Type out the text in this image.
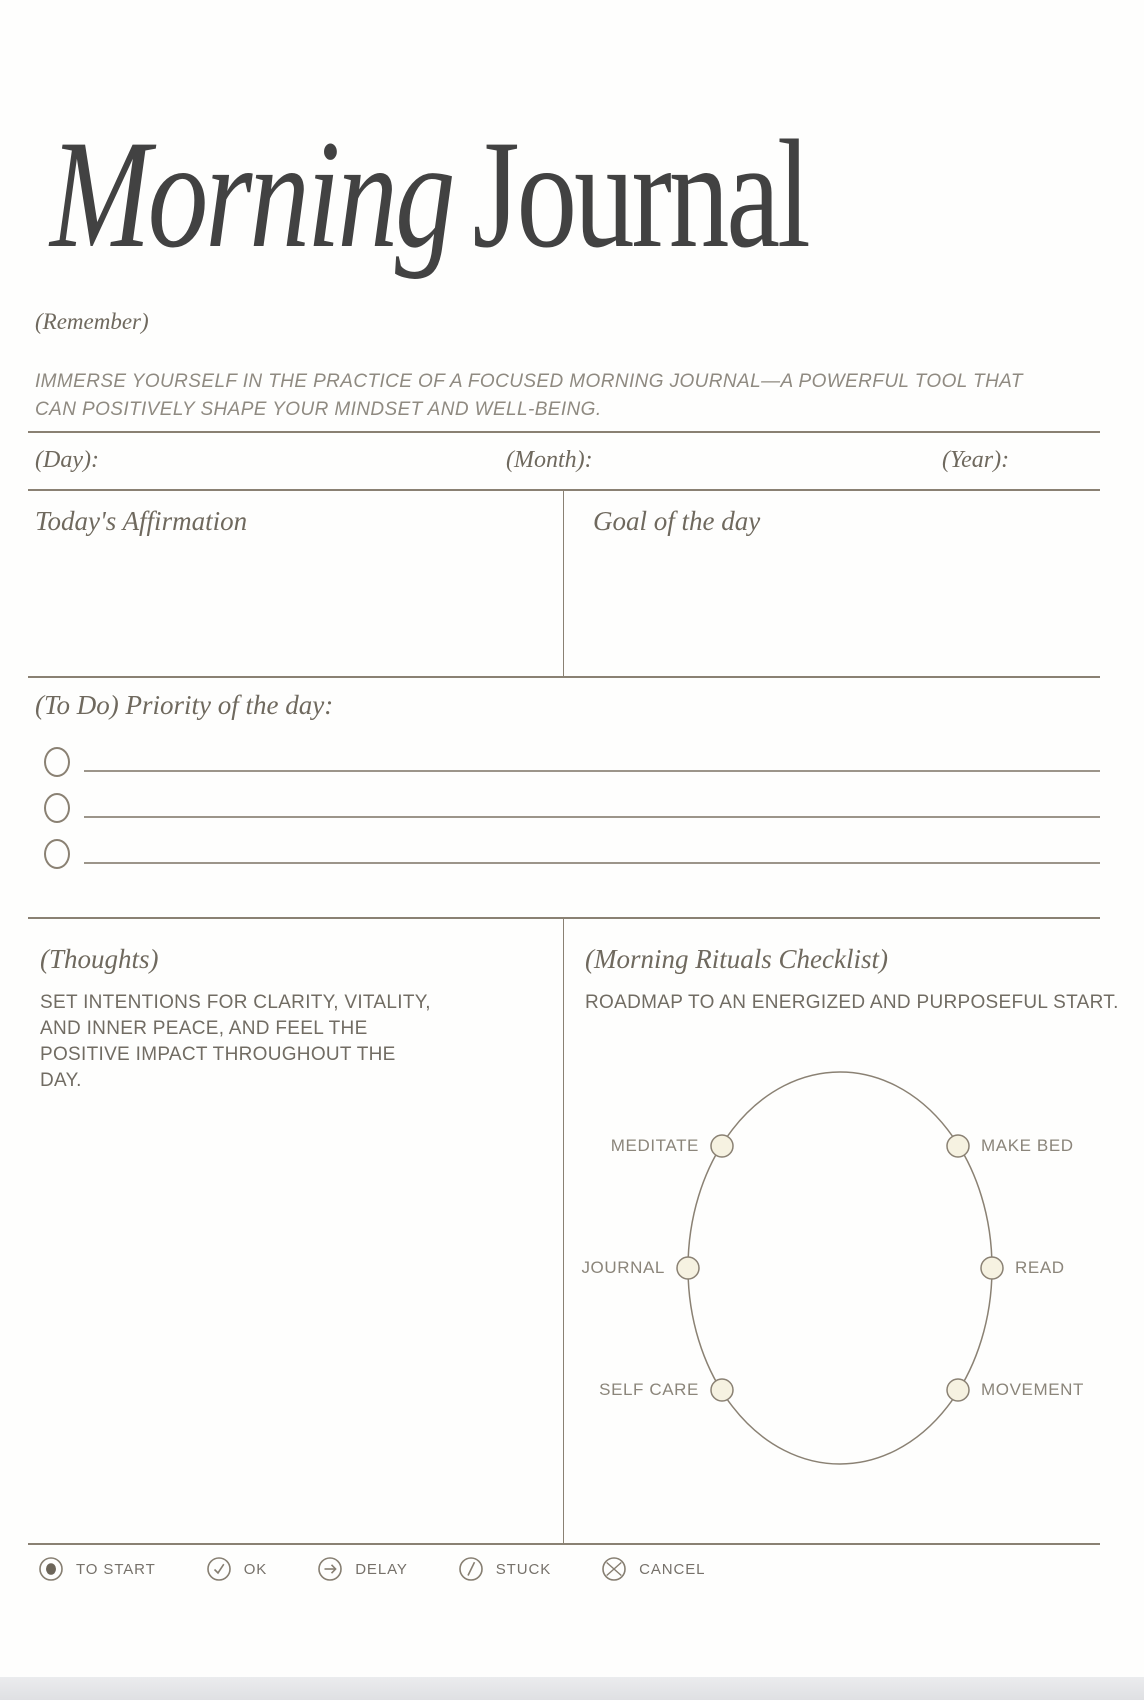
Morning Journal
(Remember)

IMMERSE YOURSELF IN THE PRACTICE OF A FOCUSED MORNING JOURNAL—A POWERFUL TOOL THAT CAN POSITIVELY SHAPE YOUR MINDSET AND WELL-BEING.

(Day):	(Month):	(Year):
Today's Affirmation	Goal of the day
(To Do) Priority of the day:
(Thoughts)
SET INTENTIONS FOR CLARITY, VITALITY, AND INNER PEACE, AND FEEL THE POSITIVE IMPACT THROUGHOUT THE DAY.
(Morning Rituals Checklist)
ROADMAP TO AN ENERGIZED AND PURPOSEFUL START.
MEDITATE	MAKE BED
JOURNAL	READ
SELF CARE	MOVEMENT
TO START	OK	DELAY	STUCK	CANCEL
